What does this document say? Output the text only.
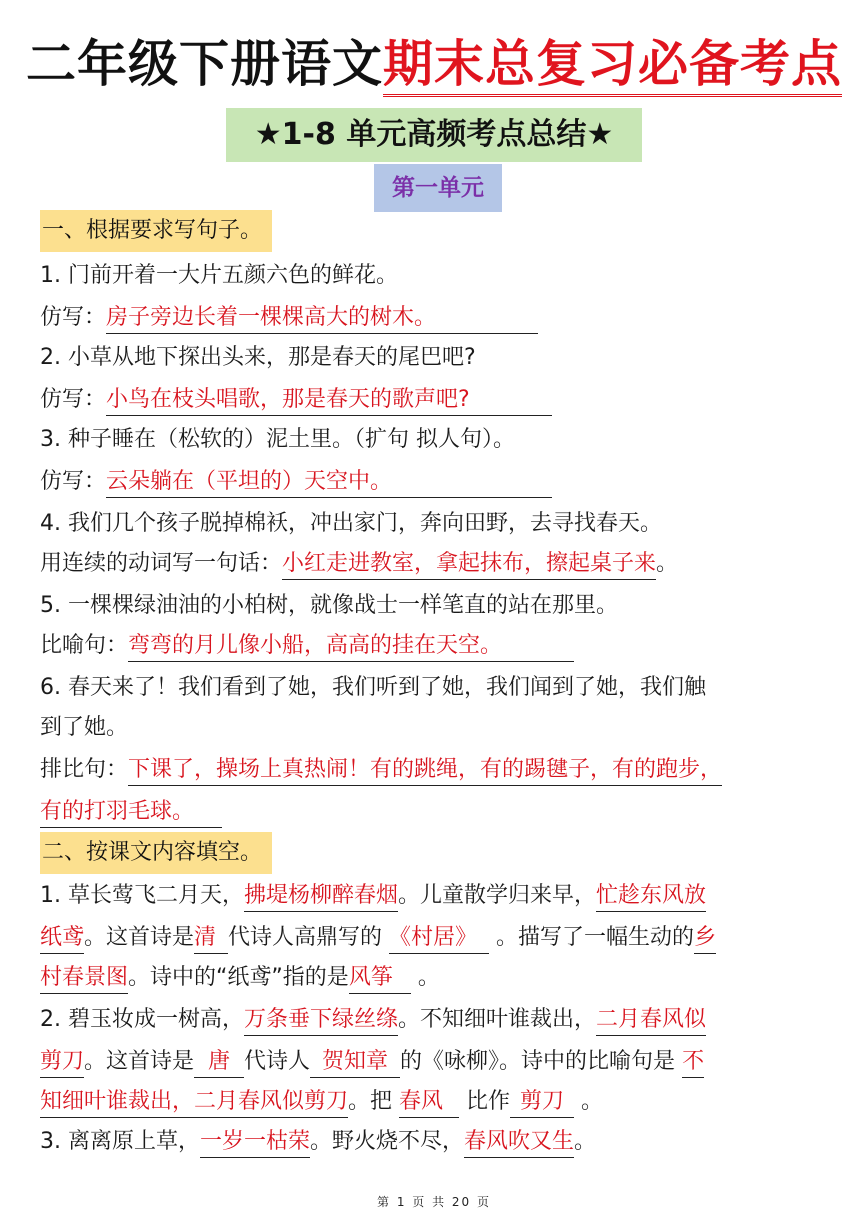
二年级下册语文期末总复习必备考点
★1-8 单元高频考点总结★
第一单元
一、根据要求写句子。
1. 门前开着一大片五颜六色的鲜花。
仿写：房子旁边长着一棵棵高大的树木。
2. 小草从地下探出头来，那是春天的尾巴吧?
仿写：小鸟在枝头唱歌，那是春天的歌声吧?
3. 种子睡在（松软的）泥土里。（扩句 拟人句）。
仿写：云朵躺在（平坦的）天空中。
4. 我们几个孩子脱掉棉袄，冲出家门，奔向田野，去寻找春天。
用连续的动词写一句话：小红走进教室，拿起抹布，擦起桌子来。
5. 一棵棵绿油油的小柏树，就像战士一样笔直的站在那里。
比喻句：弯弯的月儿像小船，高高的挂在天空。
6. 春天来了！我们看到了她，我们听到了她，我们闻到了她，我们触
到了她。
排比句：下课了，操场上真热闹！有的跳绳，有的踢毽子，有的跑步，
有的打羽毛球。
二、按课文内容填空。
1. 草长莺飞二月天，拂堤杨柳醉春烟。儿童散学归来早，忙趁东风放
纸鸢。这首诗是清 代诗人高鼎写的 《村居》 。描写了一幅生动的乡
村春景图。诗中的“纸鸢”指的是风筝 。
2. 碧玉妆成一树高，万条垂下绿丝绦。不知细叶谁裁出，二月春风似
剪刀。这首诗是 唐 代诗人 贺知章 的《咏柳》。诗中的比喻句是 不
知细叶谁裁出，二月春风似剪刀。把 春风 比作 剪刀 。
3. 离离原上草，一岁一枯荣。野火烧不尽，春风吹又生。
第 1 页 共 20 页
